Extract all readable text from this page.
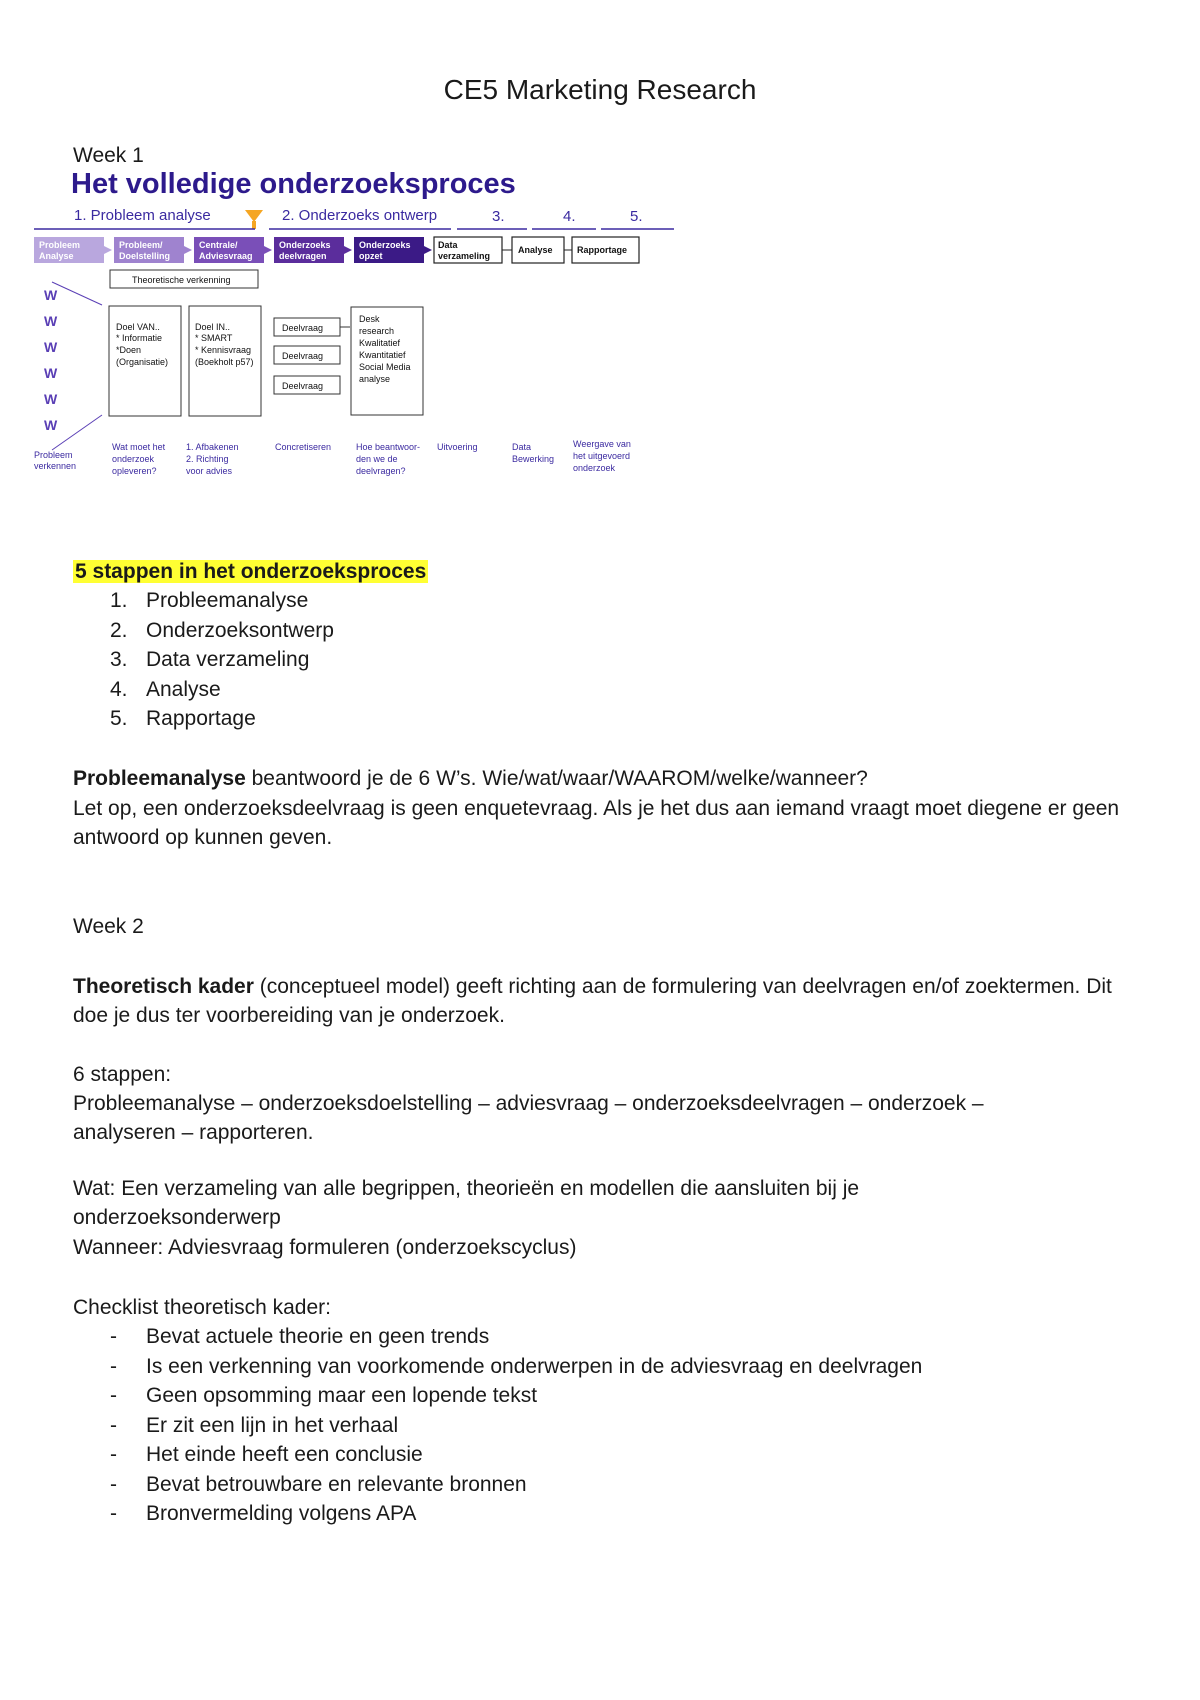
CE5 Marketing Research
Week 1
Het volledige onderzoeksproces
1. Probleem analyse	2. Onderzoeks ontwerp	3.	4.	5.
Probleem
Analyse
Probleem/
Doelstelling
Centrale/
Adviesvraag
Onderzoeks
deelvragen
Onderzoeks
opzet
Data
verzameling
Analyse	Rapportage
Theoretische verkenning
W
W
W
W
W
W
Doel VAN..
* Informatie
*Doen
(Organisatie)
Doel IN..
* SMART
* Kennisvraag
(Boekholt p57)
Deelvraag
Deelvraag
Deelvraag
Desk
research
Kwalitatief
Kwantitatief
Social Media
analyse
Probleem
verkennen
Wat moet het
onderzoek
opleveren?
1. Afbakenen
2. Richting
voor advies
Concretiseren	Hoe beantwoor-
den we de
deelvragen?
Uitvoering	Data
Bewerking
Weergave van
het uitgevoerd
onderzoek
5 stappen in het onderzoeksproces
1. Probleemanalyse
2. Onderzoeksontwerp
3. Data verzameling
4. Analyse
5. Rapportage
Probleemanalyse beantwoord je de 6 W’s. Wie/wat/waar/WAAROM/welke/wanneer?
Let op, een onderzoeksdeelvraag is geen enquetevraag. Als je het dus aan iemand vraagt moet diegene er geen antwoord op kunnen geven.
Week 2
Theoretisch kader (conceptueel model) geeft richting aan de formulering van deelvragen en/of zoektermen. Dit doe je dus ter voorbereiding van je onderzoek.
6 stappen:
Probleemanalyse – onderzoeksdoelstelling – adviesvraag – onderzoeksdeelvragen – onderzoek – analyseren – rapporteren.
Wat: Een verzameling van alle begrippen, theorieën en modellen die aansluiten bij je onderzoeksonderwerp
Wanneer: Adviesvraag formuleren (onderzoekscyclus)
Checklist theoretisch kader:
- Bevat actuele theorie en geen trends
- Is een verkenning van voorkomende onderwerpen in de adviesvraag en deelvragen
- Geen opsomming maar een lopende tekst
- Er zit een lijn in het verhaal
- Het einde heeft een conclusie
- Bevat betrouwbare en relevante bronnen
- Bronvermelding volgens APA
